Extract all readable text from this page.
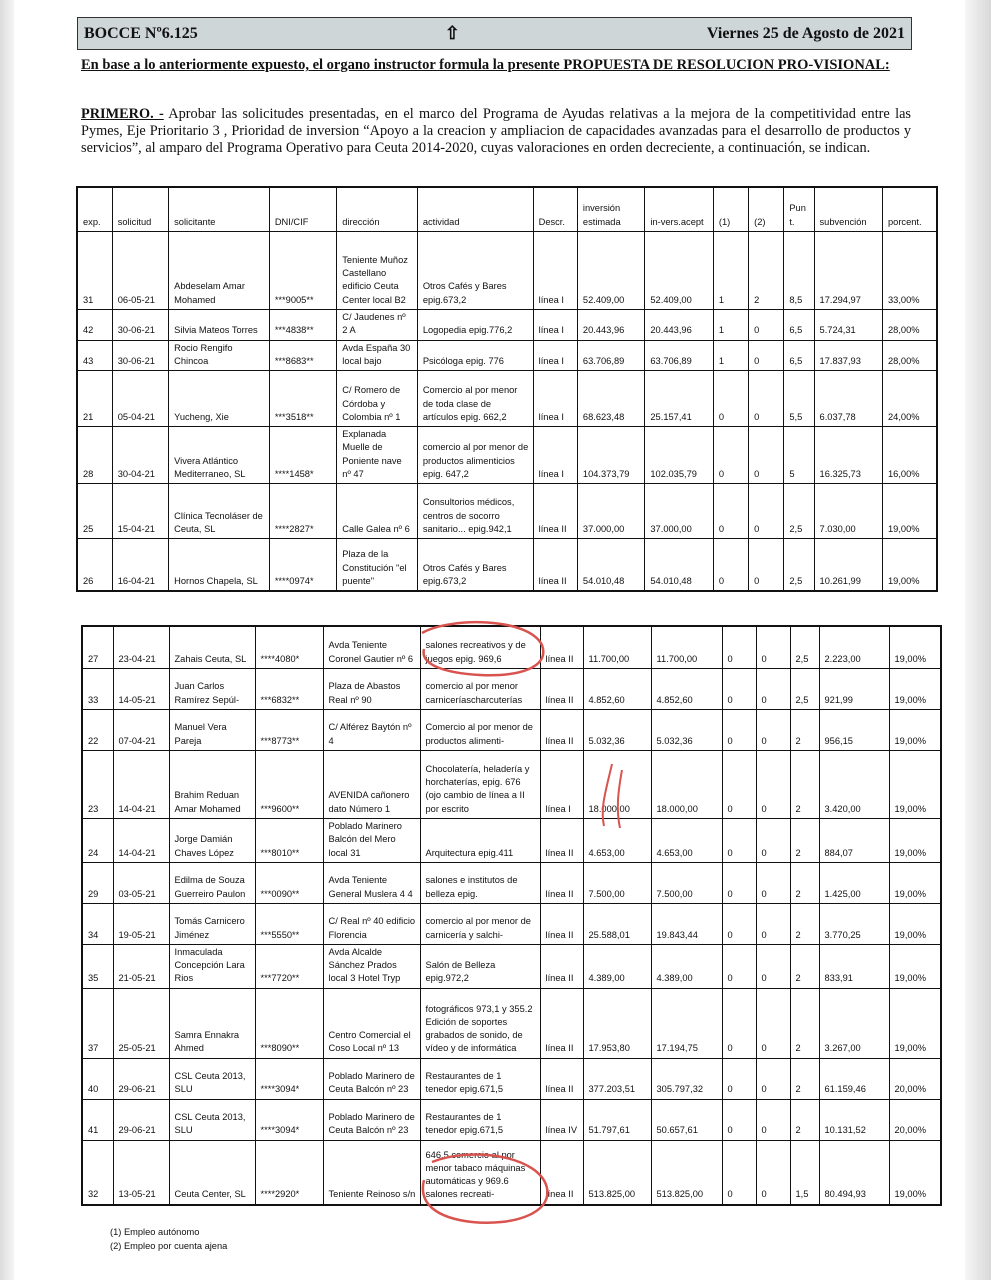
BOCCE Nº6.125	⇧	Viernes 25 de Agosto de 2021
En base a lo anteriormente expuesto, el organo instructor formula la presente PROPUESTA DE RESOLUCION PRO-VISIONAL:
PRIMERO. - Aprobar las solicitudes presentadas, en el marco del Programa de Ayudas relativas a la mejora de la competitividad entre las Pymes, Eje Prioritario 3 , Prioridad de inversion “Apoyo a la creacion y ampliacion de capacidades avanzadas para el desarrollo de productos y servicios”, al amparo del Programa Operativo para Ceuta 2014-2020, cuyas valoraciones en orden decreciente, a continuación, se indican.
exp.	solicitud	solicitante	DNI/CIF	dirección	actividad	Descr.	inversión estimada	in-vers.acept	(1)	(2)	Pun t.	subvención	porcent.
31	06-05-21	Abdeselam Amar Mohamed	***9005**	Teniente Muñoz Castellano edificio Ceuta Center local B2	Otros Cafés y Bares epig.673,2	línea I	52.409,00	52.409,00	1	2	8,5	17.294,97	33,00%
42	30-06-21	Silvia Mateos Torres	***4838**	C/ Jaudenes nº 2 A	Logopedia epig.776,2	línea I	20.443,96	20.443,96	1	0	6,5	5.724,31	28,00%
43	30-06-21	Rocio Rengifo Chincoa	***8683**	Avda España 30 local bajo	Psicóloga epig. 776	línea I	63.706,89	63.706,89	1	0	6,5	17.837,93	28,00%
21	05-04-21	Yucheng, Xie	***3518**	C/ Romero de Córdoba y Colombia nº 1	Comercio al por menor de toda clase de artículos epig. 662,2	línea I	68.623,48	25.157,41	0	0	5,5	6.037,78	24,00%
28	30-04-21	Vivera Atlántico Mediterraneo, SL	****1458*	Explanada Muelle de Poniente nave nº 47	comercio al por menor de productos alimenticios epig. 647,2	línea I	104.373,79	102.035,79	0	0	5	16.325,73	16,00%
25	15-04-21	Clínica Tecnoláser de Ceuta, SL	****2827*	Calle Galea nº 6	Consultorios médicos, centros de socorro sanitario... epig.942,1	línea II	37.000,00	37.000,00	0	0	2,5	7.030,00	19,00%
26	16-04-21	Hornos Chapela, SL	****0974*	Plaza de la Constitución "el puente"	Otros Cafés y Bares epig.673,2	línea II	54.010,48	54.010,48	0	0	2,5	10.261,99	19,00%
27	23-04-21	Zahais Ceuta, SL	****4080*	Avda Teniente Coronel Gautier nº 6	salones recreativos y de juegos epig. 969,6	línea II	11.700,00	11.700,00	0	0	2,5	2.223,00	19,00%
33	14-05-21	Juan Carlos Ramírez Sepúl-	***6832**	Plaza de Abastos Real nº 90	comercio al por menor carniceríascharcuterías	línea II	4.852,60	4.852,60	0	0	2,5	921,99	19,00%
22	07-04-21	Manuel Vera Pareja	***8773**	C/ Alférez Baytón nº 4	Comercio al por menor de productos alimenti-	línea II	5.032,36	5.032,36	0	0	2	956,15	19,00%
23	14-04-21	Brahim Reduan Amar Mohamed	***9600**	AVENIDA cañonero dato Número 1	Chocolatería, heladería y horchaterías, epig. 676 (ojo cambio de línea a II por escrito	línea I	18.000,00	18.000,00	0	0	2	3.420,00	19,00%
24	14-04-21	Jorge Damián Chaves López	***8010**	Poblado Marinero Balcón del Mero local 31	Arquitectura epig.411	línea II	4.653,00	4.653,00	0	0	2	884,07	19,00%
29	03-05-21	Edilma de Souza Guerreiro Paulon	***0090**	Avda Teniente General Muslera 4 4	salones e institutos de belleza epig.	línea II	7.500,00	7.500,00	0	0	2	1.425,00	19,00%
34	19-05-21	Tomás Carnicero Jiménez	***5550**	C/ Real nº 40 edificio Florencia	comercio al por menor de carnicería y salchi-	línea II	25.588,01	19.843,44	0	0	2	3.770,25	19,00%
35	21-05-21	Inmaculada Concepción Lara Rios	***7720**	Avda Alcalde Sánchez Prados local 3 Hotel Tryp	Salón de Belleza epig.972,2	línea II	4.389,00	4.389,00	0	0	2	833,91	19,00%
37	25-05-21	Samra Ennakra Ahmed	***8090**	Centro Comercial el Coso Local nº 13	fotográficos 973,1 y 355.2 Edición de soportes grabados de sonido, de vídeo y de informática	línea II	17.953,80	17.194,75	0	0	2	3.267,00	19,00%
40	29-06-21	CSL Ceuta 2013, SLU	****3094*	Poblado Marinero de Ceuta Balcón nº 23	Restaurantes de 1 tenedor epig.671,5	línea II	377.203,51	305.797,32	0	0	2	61.159,46	20,00%
41	29-06-21	CSL Ceuta 2013, SLU	****3094*	Poblado Marinero de Ceuta Balcón nº 23	Restaurantes de 1 tenedor epig.671,5	línea IV	51.797,61	50.657,61	0	0	2	10.131,52	20,00%
32	13-05-21	Ceuta Center, SL	****2920*	Teniente Reinoso s/n	646.5 comercio al por menor tabaco máquinas automáticas y 969.6 salones recreati-	línea II	513.825,00	513.825,00	0	0	1,5	80.494,93	19,00%
(1) Empleo autónomo
(2) Empleo por cuenta ajena
